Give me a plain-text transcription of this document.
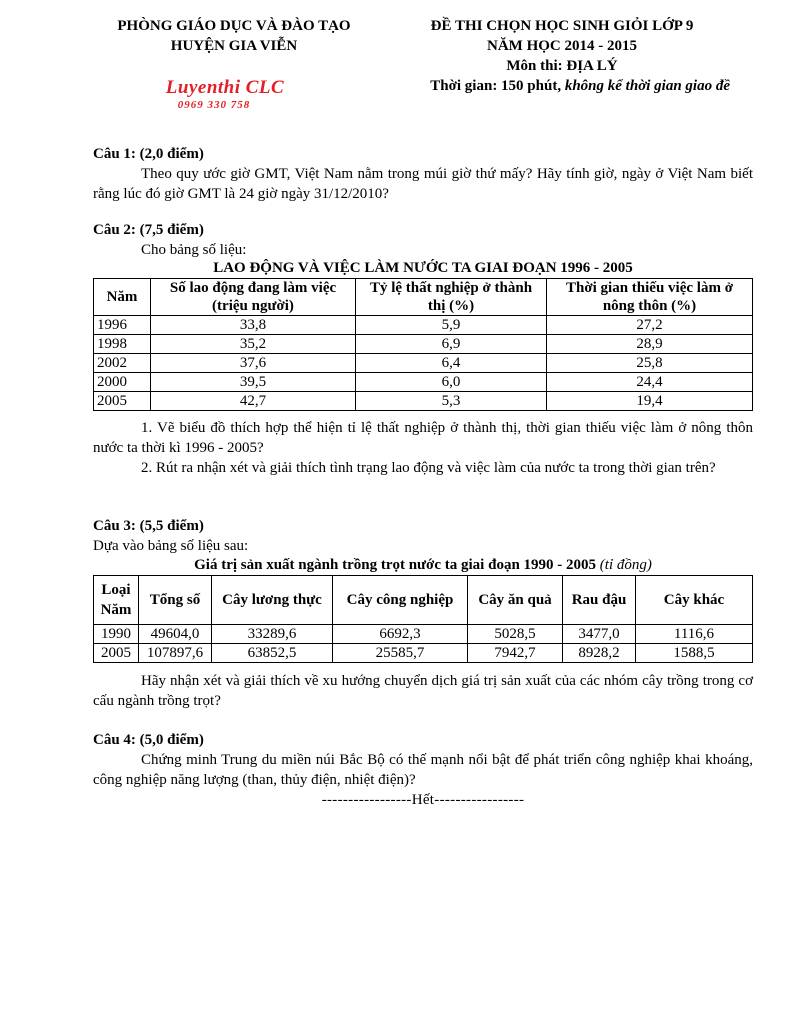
PHÒNG GIÁO DỤC VÀ ĐÀO TẠO
HUYỆN GIA VIỄN
ĐỀ THI CHỌN HỌC SINH GIỎI LỚP 9
NĂM HỌC 2014 - 2015
Môn thi: ĐỊA LÝ
Thời gian: 150 phút, không kể thời gian giao đề
Luyenthi CLC
0969 330 758
Câu 1: (2,0 điểm)
Theo quy ước giờ GMT, Việt Nam nằm trong múi giờ thứ mấy? Hãy tính giờ, ngày ở Việt Nam biết rằng lúc đó giờ GMT là 24 giờ ngày 31/12/2010?
Câu 2: (7,5 điểm)
Cho bảng số liệu:
LAO ĐỘNG VÀ VIỆC LÀM NƯỚC TA GIAI ĐOẠN 1996 - 2005
Năm	Số lao động đang làm việc (triệu người)	Tỷ lệ thất nghiệp ở thành thị (%)	Thời gian thiếu việc làm ở nông thôn (%)
1996	33,8	5,9	27,2
1998	35,2	6,9	28,9
2002	37,6	6,4	25,8
2000	39,5	6,0	24,4
2005	42,7	5,3	19,4
1. Vẽ biểu đồ thích hợp thể hiện tỉ lệ thất nghiệp ở thành thị, thời gian thiếu việc làm ở nông thôn nước ta thời kì 1996 - 2005?
2. Rút ra nhận xét và giải thích tình trạng lao động và việc làm của nước ta trong thời gian trên?
Câu 3: (5,5 điểm)
Dựa vào bảng số liệu sau:
Giá trị sản xuất ngành trồng trọt nước ta giai đoạn 1990 - 2005 (tỉ đồng)
Loại Năm	Tổng số	Cây lương thực	Cây công nghiệp	Cây ăn quả	Rau đậu	Cây khác
1990	49604,0	33289,6	6692,3	5028,5	3477,0	1116,6
2005	107897,6	63852,5	25585,7	7942,7	8928,2	1588,5
Hãy nhận xét và giải thích về xu hướng chuyển dịch giá trị sản xuất của các nhóm cây trồng trong cơ cấu ngành trồng trọt?
Câu 4: (5,0 điểm)
Chứng minh Trung du miền núi Bắc Bộ có thế mạnh nổi bật để phát triển công nghiệp khai khoáng, công nghiệp năng lượng (than, thủy điện, nhiệt điện)?
-----------------Hết-----------------
